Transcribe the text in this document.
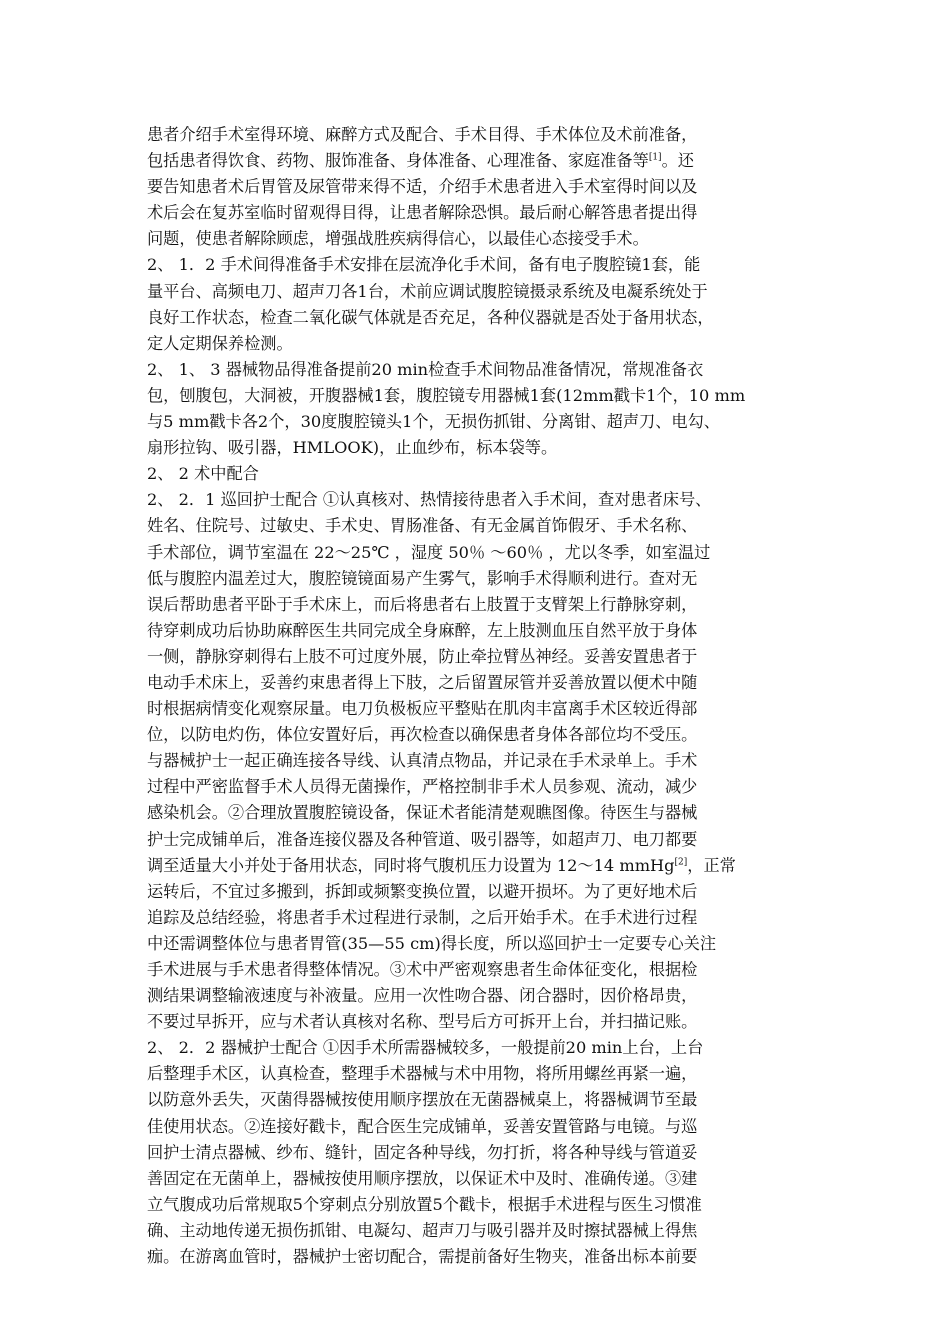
患者介绍手术室得环境、麻醉方式及配合、手术目得、手术体位及术前准备，
包括患者得饮食、药物、服饰准备、身体准备、心理准备、家庭准备等[1]。还
要告知患者术后胃管及尿管带来得不适，介绍手术患者进入手术室得时间以及
术后会在复苏室临时留观得目得，让患者解除恐惧。最后耐心解答患者提出得
问题，使患者解除顾虑，增强战胜疾病得信心，以最佳心态接受手术。
2、 1．2 手术间得准备手术安排在层流净化手术间，备有电子腹腔镜1套，能
量平台、高频电刀、超声刀各1台，术前应调试腹腔镜摄录系统及电凝系统处于
良好工作状态，检查二氧化碳气体就是否充足，各种仪器就是否处于备用状态，
定人定期保养检测。
2、 1、 3 器械物品得准备提前20 min检查手术间物品准备情况，常规准备衣
包，刨腹包，大洞被，开腹器械1套，腹腔镜专用器械1套(12mm戳卡1个，10 mm
与5 mm戳卡各2个，30度腹腔镜头1个，无损伤抓钳、分离钳、超声刀、电勾、
扇形拉钩、吸引器，HMLOOK)，止血纱布，标本袋等。
2、 2 术中配合
2、 2．1 巡回护士配合 ①认真核对、热情接待患者入手术间，查对患者床号、
姓名、住院号、过敏史、手术史、胃肠准备、有无金属首饰假牙、手术名称、
手术部位，调节室温在 22～25℃ ，湿度 50％ ～60％ ，尤以冬季，如室温过
低与腹腔内温差过大，腹腔镜镜面易产生雾气，影响手术得顺利进行。查对无
误后帮助患者平卧于手术床上，而后将患者右上肢置于支臂架上行静脉穿刺，
待穿刺成功后协助麻醉医生共同完成全身麻醉，左上肢测血压自然平放于身体
一侧，静脉穿刺得右上肢不可过度外展，防止牵拉臂丛神经。妥善安置患者于
电动手术床上，妥善约束患者得上下肢，之后留置尿管并妥善放置以便术中随
时根据病情变化观察尿量。电刀负极板应平整贴在肌肉丰富离手术区较近得部
位，以防电灼伤，体位安置好后，再次检查以确保患者身体各部位均不受压。
与器械护士一起正确连接各导线、认真清点物品，并记录在手术录单上。手术
过程中严密监督手术人员得无菌操作，严格控制非手术人员参观、流动，减少
感染机会。②合理放置腹腔镜设备，保证术者能清楚观瞧图像。待医生与器械
护士完成铺单后，准备连接仪器及各种管道、吸引器等，如超声刀、电刀都要
调至适量大小并处于备用状态，同时将气腹机压力设置为 12～14 mmHg[2]，正常
运转后，不宜过多搬到，拆卸或频繁变换位置，以避开损坏。为了更好地术后
追踪及总结经验，将患者手术过程进行录制，之后开始手术。在手术进行过程
中还需调整体位与患者胃管(35—55 cm)得长度，所以巡回护士一定要专心关注
手术进展与手术患者得整体情况。③术中严密观察患者生命体征变化，根据检
测结果调整输液速度与补液量。应用一次性吻合器、闭合器时，因价格昂贵，
不要过早拆开，应与术者认真核对名称、型号后方可拆开上台，并扫描记账。
2、 2．2 器械护士配合 ①因手术所需器械较多，一般提前20 min上台，上台
后整理手术区，认真检查，整理手术器械与术中用物，将所用螺丝再紧一遍，
以防意外丢失，灭菌得器械按使用顺序摆放在无菌器械桌上，将器械调节至最
佳使用状态。②连接好戳卡，配合医生完成铺单，妥善安置管路与电镜。与巡
回护士清点器械、纱布、缝针，固定各种导线，勿打折，将各种导线与管道妥
善固定在无菌单上，器械按使用顺序摆放，以保证术中及时、准确传递。③建
立气腹成功后常规取5个穿刺点分别放置5个戳卡，根据手术进程与医生习惯准
确、主动地传递无损伤抓钳、电凝勾、超声刀与吸引器并及时擦拭器械上得焦
痂。在游离血管时，器械护士密切配合，需提前备好生物夹，准备出标本前要
